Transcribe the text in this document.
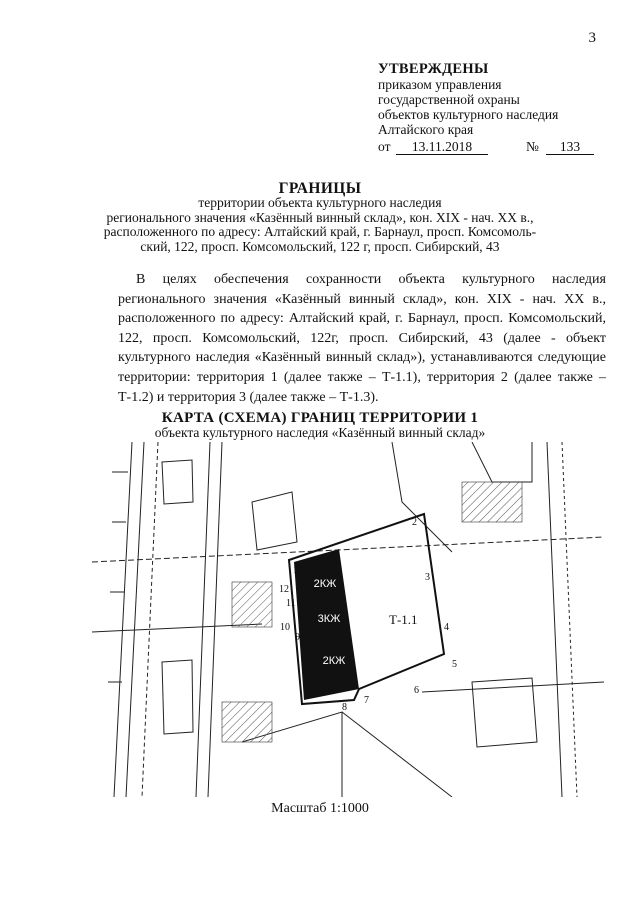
3
УТВЕРЖДЕНЫ
приказом управления
государственной охраны
объектов культурного наследия
Алтайского края
от	13.11.2018	№	133
ГРАНИЦЫ
территории объекта культурного наследия
регионального значения «Казённый винный склад», кон. XIX - нач. XX в.,
расположенного по адресу: Алтайский край, г. Барнаул, просп. Комсомоль-
ский, 122, просп. Комсомольский, 122 г, просп. Сибирский, 43
В целях обеспечения сохранности объекта культурного наследия регионального значения «Казённый винный склад», кон. XIX - нач. XX в., расположенного по адресу: Алтайский край, г. Барнаул, просп. Комсомольский, 122, просп. Комсомольский, 122г, просп. Сибирский, 43 (далее - объект культурного наследия «Казённый винный склад»), устанавливаются следующие территории: территория 1 (далее также – Т-1.1), территория 2 (далее также – Т-1.2) и территория 3 (далее также – Т-1.3).
КАРТА (СХЕМА) ГРАНИЦ ТЕРРИТОРИИ 1
объекта культурного наследия «Казённый винный склад»
2КЖ
3КЖ
2КЖ
Т-1.1
1
2
3
4
5
6
7
8
9
10
11
12
Масштаб 1:1000
